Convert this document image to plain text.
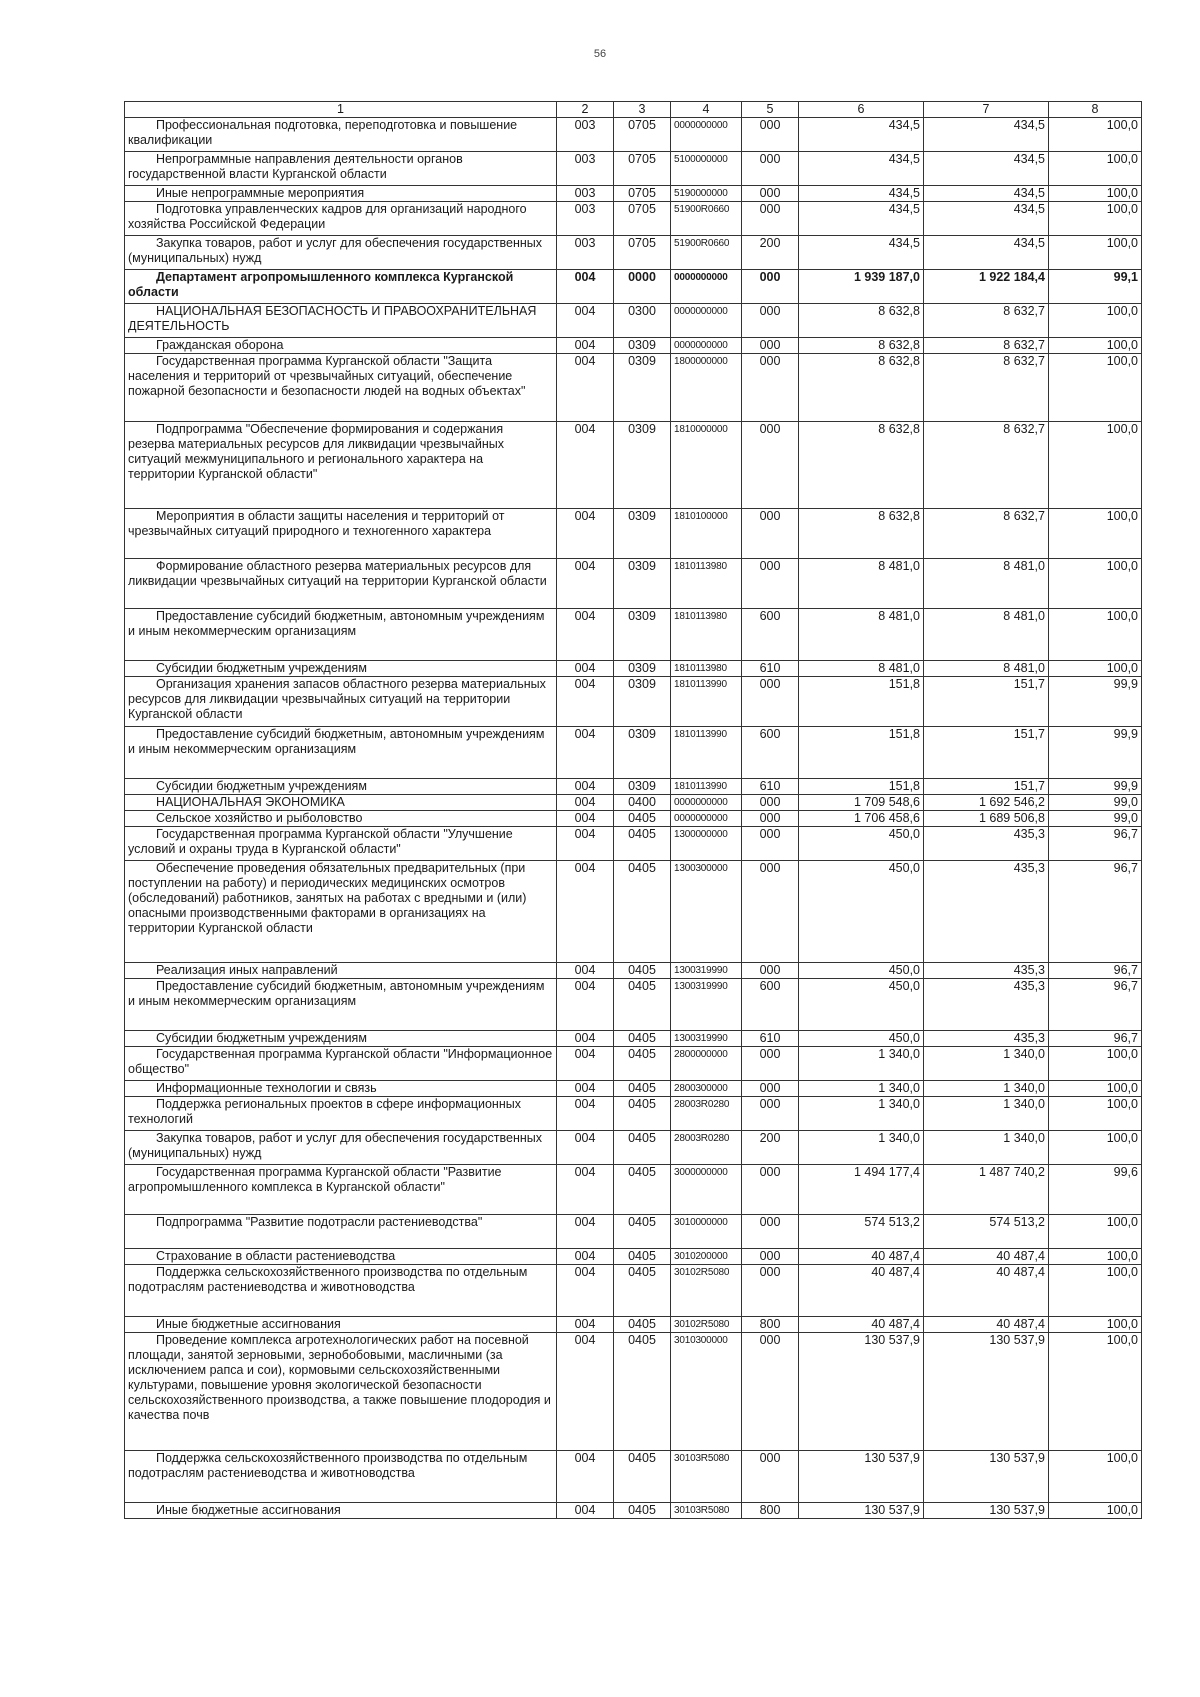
56
1	2	3	4	5	6	7	8
Профессиональная подготовка, переподготовка и повышение квалификации	003	0705	0000000000	000	434,5	434,5	100,0
Непрограммные направления деятельности органов государственной власти Курганской области	003	0705	5100000000	000	434,5	434,5	100,0
Иные непрограммные мероприятия	003	0705	5190000000	000	434,5	434,5	100,0
Подготовка управленческих кадров для организаций народного хозяйства Российской Федерации	003	0705	51900R0660	000	434,5	434,5	100,0
Закупка товаров, работ и услуг для обеспечения государственных (муниципальных) нужд	003	0705	51900R0660	200	434,5	434,5	100,0
Департамент агропромышленного комплекса Курганской области	004	0000	0000000000	000	1 939 187,0	1 922 184,4	99,1
НАЦИОНАЛЬНАЯ БЕЗОПАСНОСТЬ И ПРАВООХРАНИТЕЛЬНАЯ ДЕЯТЕЛЬНОСТЬ	004	0300	0000000000	000	8 632,8	8 632,7	100,0
Гражданская оборона	004	0309	0000000000	000	8 632,8	8 632,7	100,0
Государственная программа Курганской области "Защита населения и территорий от чрезвычайных ситуаций, обеспечение пожарной безопасности и безопасности людей на водных объектах"	004	0309	1800000000	000	8 632,8	8 632,7	100,0
Подпрограмма "Обеспечение формирования и содержания резерва материальных ресурсов для ликвидации чрезвычайных ситуаций межмуниципального и регионального характера на территории Курганской области"	004	0309	1810000000	000	8 632,8	8 632,7	100,0
Мероприятия в области защиты населения и территорий от чрезвычайных ситуаций природного и техногенного характера	004	0309	1810100000	000	8 632,8	8 632,7	100,0
Формирование областного резерва материальных ресурсов для ликвидации чрезвычайных ситуаций на территории Курганской области	004	0309	1810113980	000	8 481,0	8 481,0	100,0
Предоставление субсидий бюджетным, автономным учреждениям и иным некоммерческим организациям	004	0309	1810113980	600	8 481,0	8 481,0	100,0
Субсидии бюджетным учреждениям	004	0309	1810113980	610	8 481,0	8 481,0	100,0
Организация хранения запасов областного резерва материальных ресурсов для ликвидации чрезвычайных ситуаций на территории Курганской области	004	0309	1810113990	000	151,8	151,7	99,9
Предоставление субсидий бюджетным, автономным учреждениям и иным некоммерческим организациям	004	0309	1810113990	600	151,8	151,7	99,9
Субсидии бюджетным учреждениям	004	0309	1810113990	610	151,8	151,7	99,9
НАЦИОНАЛЬНАЯ ЭКОНОМИКА	004	0400	0000000000	000	1 709 548,6	1 692 546,2	99,0
Сельское хозяйство и рыболовство	004	0405	0000000000	000	1 706 458,6	1 689 506,8	99,0
Государственная программа Курганской области "Улучшение условий и охраны труда в Курганской области"	004	0405	1300000000	000	450,0	435,3	96,7
Обеспечение проведения обязательных предварительных (при поступлении на работу) и периодических медицинских осмотров (обследований) работников, занятых на работах с вредными и (или) опасными производственными факторами в организациях на территории Курганской области	004	0405	1300300000	000	450,0	435,3	96,7
Реализация иных направлений	004	0405	1300319990	000	450,0	435,3	96,7
Предоставление субсидий бюджетным, автономным учреждениям и иным некоммерческим организациям	004	0405	1300319990	600	450,0	435,3	96,7
Субсидии бюджетным учреждениям	004	0405	1300319990	610	450,0	435,3	96,7
Государственная программа Курганской области "Информационное общество"	004	0405	2800000000	000	1 340,0	1 340,0	100,0
Информационные технологии и связь	004	0405	2800300000	000	1 340,0	1 340,0	100,0
Поддержка региональных проектов в сфере информационных технологий	004	0405	28003R0280	000	1 340,0	1 340,0	100,0
Закупка товаров, работ и услуг для обеспечения государственных (муниципальных) нужд	004	0405	28003R0280	200	1 340,0	1 340,0	100,0
Государственная программа Курганской области "Развитие агропромышленного комплекса в Курганской области"	004	0405	3000000000	000	1 494 177,4	1 487 740,2	99,6
Подпрограмма "Развитие подотрасли растениеводства"	004	0405	3010000000	000	574 513,2	574 513,2	100,0
Страхование в области растениеводства	004	0405	3010200000	000	40 487,4	40 487,4	100,0
Поддержка сельскохозяйственного производства по отдельным подотраслям растениеводства и животноводства	004	0405	30102R5080	000	40 487,4	40 487,4	100,0
Иные бюджетные ассигнования	004	0405	30102R5080	800	40 487,4	40 487,4	100,0
Проведение комплекса агротехнологических работ на посевной площади, занятой зерновыми, зернобобовыми, масличными (за исключением рапса и сои), кормовыми сельскохозяйственными культурами, повышение уровня экологической безопасности сельскохозяйственного производства, а также повышение плодородия и качества почв	004	0405	3010300000	000	130 537,9	130 537,9	100,0
Поддержка сельскохозяйственного производства по отдельным подотраслям растениеводства и животноводства	004	0405	30103R5080	000	130 537,9	130 537,9	100,0
Иные бюджетные ассигнования	004	0405	30103R5080	800	130 537,9	130 537,9	100,0
